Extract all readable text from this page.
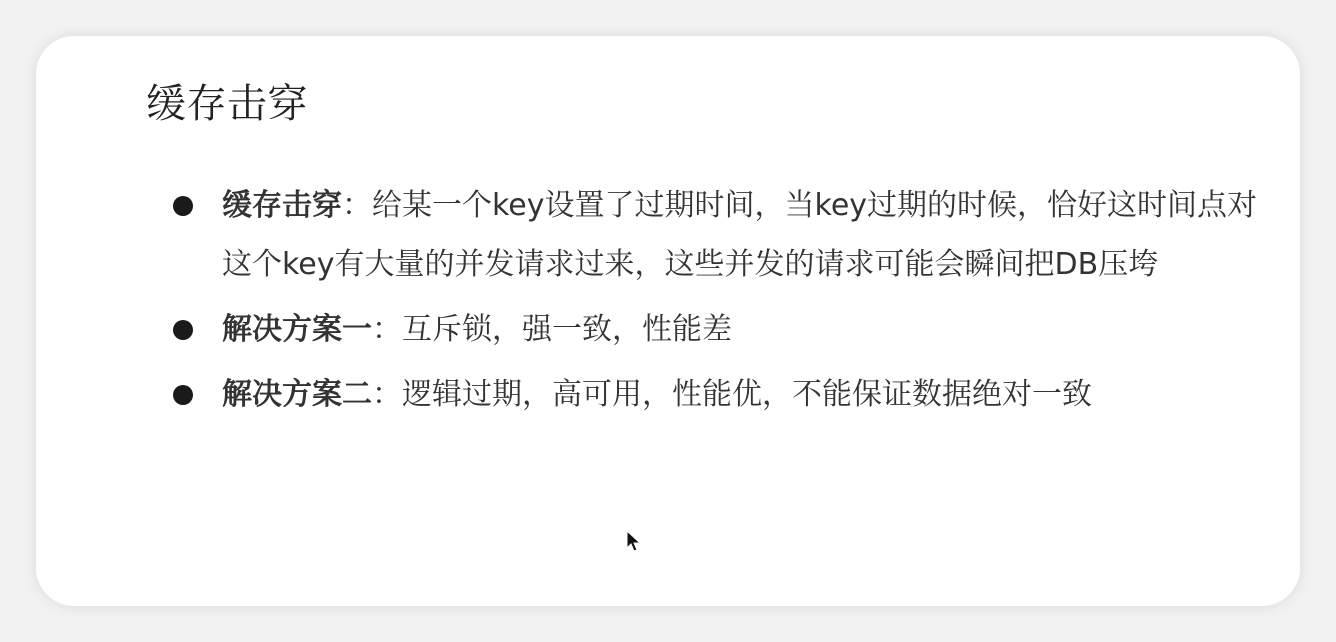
缓存击穿
缓存击穿：给某一个key设置了过期时间，当key过期的时候，恰好这时间点对这个key有大量的并发请求过来，这些并发的请求可能会瞬间把DB压垮
解决方案一：互斥锁，强一致，性能差
解决方案二：逻辑过期，高可用，性能优，不能保证数据绝对一致
